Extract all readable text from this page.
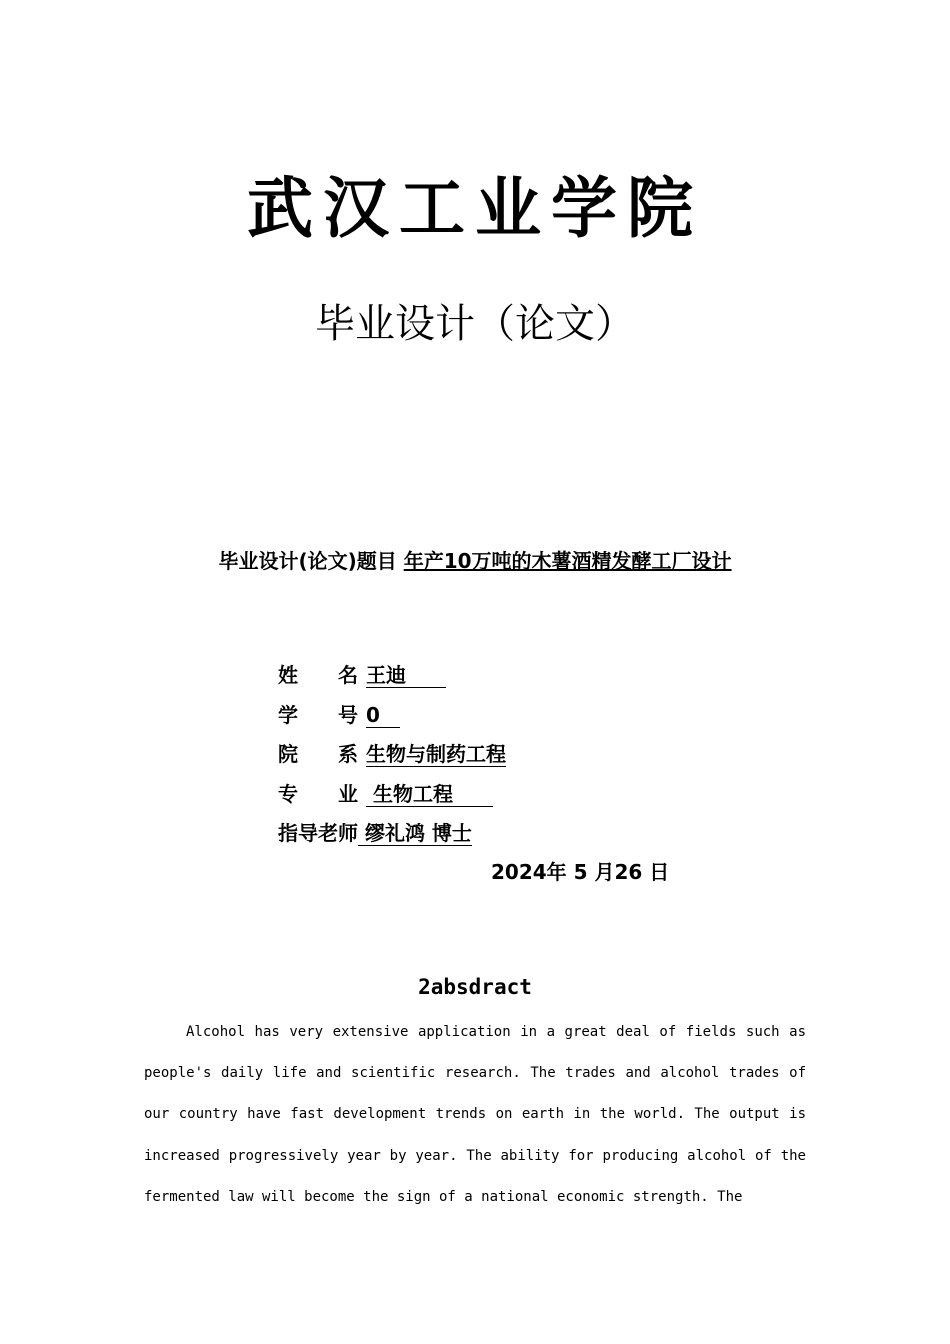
武汉工业学院
毕业设计（论文）
毕业设计(论文)题目 年产10万吨的木薯酒精发酵工厂设计
姓　　名 王迪　　
学　　号 0　
院　　系 生物与制药工程
专　　业 生物工程　　
指导老师 缪礼鸿 博士
2024年 5 月26 日
2absdract
Alcohol has very extensive application in a great deal of fields such as people's daily life and scientific research. The trades and alcohol trades of our country have fast development trends on earth in the world. The output is increased progressively year by year. The ability for producing alcohol of the fermented law will become the sign of a national economic strength. The
